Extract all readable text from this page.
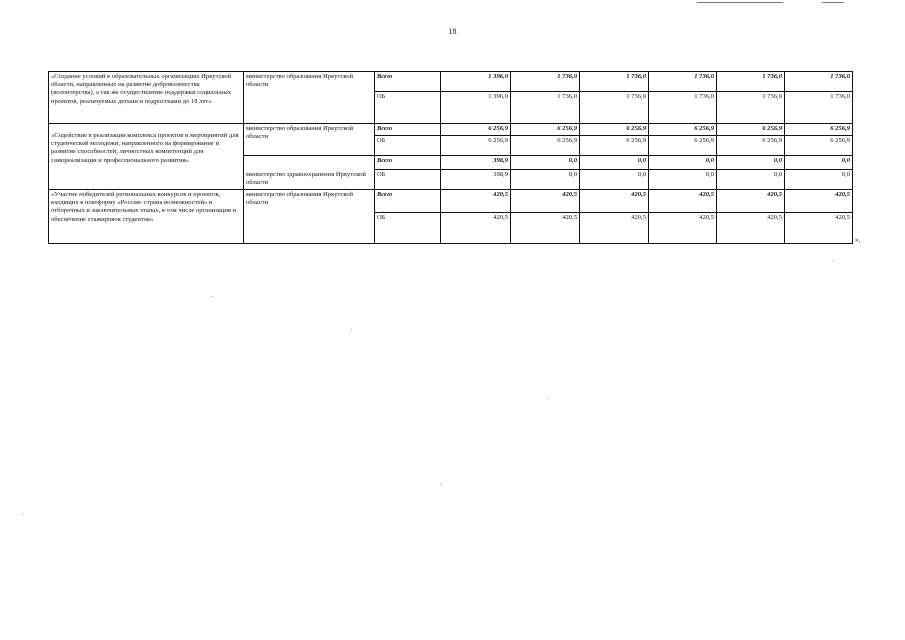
18
«Создание условий в образовательных организациях Иркутской области, направленных на развитие добровольчества (волонтерства), а так же осуществление поддержки социальных проектов, реализуемых детьми и подростками до 18 лет»	министерство образования Иркутской области	Всего	1 396,0	1 736,0	1 736,0	1 736,0	1 736,0	1 736,0
		ОБ	1 396,0	1 736,0	1 736,0	1 736,0	1 736,0	1 736,0
«Содействие в реализации комплекса проектов и мероприятий для студенческой молодежи, направленного на формирование и развитие способностей, личностных компетенций для самореализации и профессионального развития»	министерство образования Иркутской области	Всего	6 256,9	6 256,9	6 256,9	6 256,9	6 256,9	6 256,9
		ОБ	6 256,9	6 256,9	6 256,9	6 256,9	6 256,9	6 256,9
	министерство здравоохранения Иркутской области	Всего	398,9	0,0	0,0	0,0	0,0	0,0
		ОБ	398,9	0,0	0,0	0,0	0,0	0,0
«Участие победителей региональных конкурсов и проектов, входящих в платформу «Россия- страна возможностей» в отборочных и заключительных этапах, в том числе организация и обеспечение стажировок студентов»	министерство образования Иркутской области	Всего	420,5	420,5	420,5	420,5	420,5	420,5
		ОБ	420,5	420,5	420,5	420,5	420,5	420,5
».
